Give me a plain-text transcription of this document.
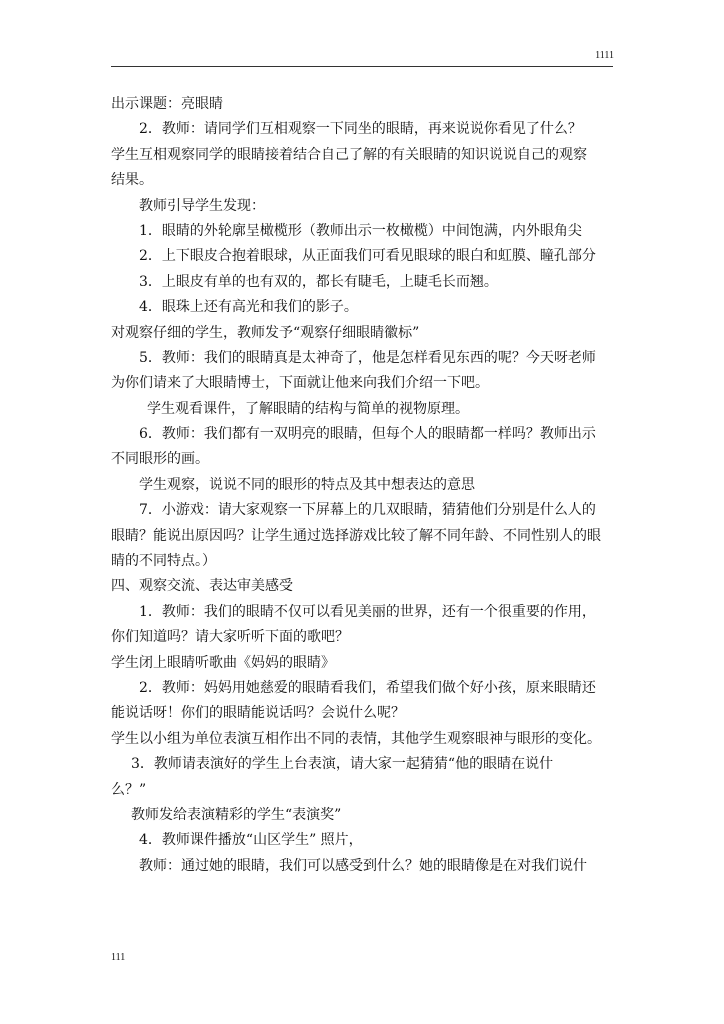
1111
出示课题：亮眼睛
2．教师：请同学们互相观察一下同坐的眼睛，再来说说你看见了什么？
学生互相观察同学的眼睛接着结合自己了解的有关眼睛的知识说说自己的观察
结果。
教师引导学生发现：
1．眼睛的外轮廓呈橄榄形（教师出示一枚橄榄）中间饱满，内外眼角尖
2．上下眼皮合抱着眼球，从正面我们可看见眼球的眼白和虹膜、瞳孔部分
3．上眼皮有单的也有双的，都长有睫毛，上睫毛长而翘。
4．眼珠上还有高光和我们的影子。
对观察仔细的学生，教师发予“观察仔细眼睛徽标”
5．教师：我们的眼睛真是太神奇了，他是怎样看见东西的呢？今天呀老师
为你们请来了大眼睛博士，下面就让他来向我们介绍一下吧。
学生观看课件，了解眼睛的结构与简单的视物原理。
6．教师：我们都有一双明亮的眼睛，但每个人的眼睛都一样吗？教师出示
不同眼形的画。
学生观察，说说不同的眼形的特点及其中想表达的意思
7．小游戏：请大家观察一下屏幕上的几双眼睛，猜猜他们分别是什么人的
眼睛？能说出原因吗？让学生通过选择游戏比较了解不同年龄、不同性别人的眼
睛的不同特点。）
四、观察交流、表达审美感受
1．教师：我们的眼睛不仅可以看见美丽的世界，还有一个很重要的作用，
你们知道吗？请大家听听下面的歌吧？
学生闭上眼睛听歌曲《妈妈的眼睛》
2．教师：妈妈用她慈爱的眼睛看我们，希望我们做个好小孩，原来眼睛还
能说话呀！你们的眼睛能说话吗？会说什么呢？
学生以小组为单位表演互相作出不同的表情，其他学生观察眼神与眼形的变化。
3．教师请表演好的学生上台表演，请大家一起猜猜“他的眼睛在说什
么？”
教师发给表演精彩的学生“表演奖”
4．教师课件播放“山区学生” 照片，
教师：通过她的眼睛，我们可以感受到什么？她的眼睛像是在对我们说什
111
